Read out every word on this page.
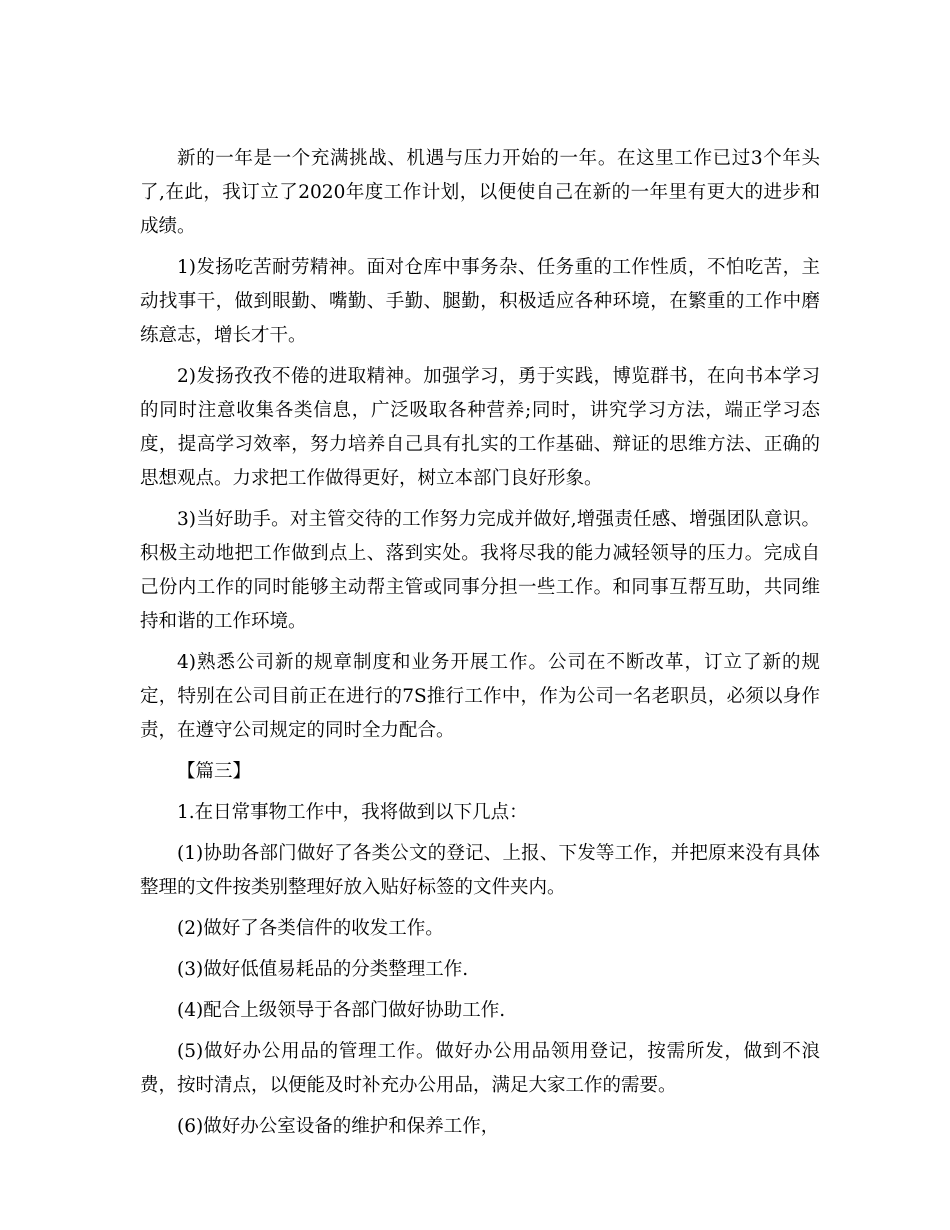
新的一年是一个充满挑战、机遇与压力开始的一年。在这里工作已过3个年头了,在此，我订立了2020年度工作计划，以便使自己在新的一年里有更大的进步和成绩。

1)发扬吃苦耐劳精神。面对仓库中事务杂、任务重的工作性质，不怕吃苦，主动找事干，做到眼勤、嘴勤、手勤、腿勤，积极适应各种环境，在繁重的工作中磨练意志，增长才干。

2)发扬孜孜不倦的进取精神。加强学习，勇于实践，博览群书，在向书本学习的同时注意收集各类信息，广泛吸取各种营养;同时，讲究学习方法，端正学习态度，提高学习效率，努力培养自己具有扎实的工作基础、辩证的思维方法、正确的思想观点。力求把工作做得更好，树立本部门良好形象。

3)当好助手。对主管交待的工作努力完成并做好,增强责任感、增强团队意识。积极主动地把工作做到点上、落到实处。我将尽我的能力减轻领导的压力。完成自己份内工作的同时能够主动帮主管或同事分担一些工作。和同事互帮互助，共同维持和谐的工作环境。

4)熟悉公司新的规章制度和业务开展工作。公司在不断改革，订立了新的规定，特别在公司目前正在进行的7S推行工作中，作为公司一名老职员，必须以身作责，在遵守公司规定的同时全力配合。

【篇三】

1.在日常事物工作中，我将做到以下几点：

(1)协助各部门做好了各类公文的登记、上报、下发等工作，并把原来没有具体整理的文件按类别整理好放入贴好标签的文件夹内。

(2)做好了各类信件的收发工作。

(3)做好低值易耗品的分类整理工作.

(4)配合上级领导于各部门做好协助工作.

(5)做好办公用品的管理工作。做好办公用品领用登记，按需所发，做到不浪费，按时清点，以便能及时补充办公用品，满足大家工作的需要。

(6)做好办公室设备的维护和保养工作，
